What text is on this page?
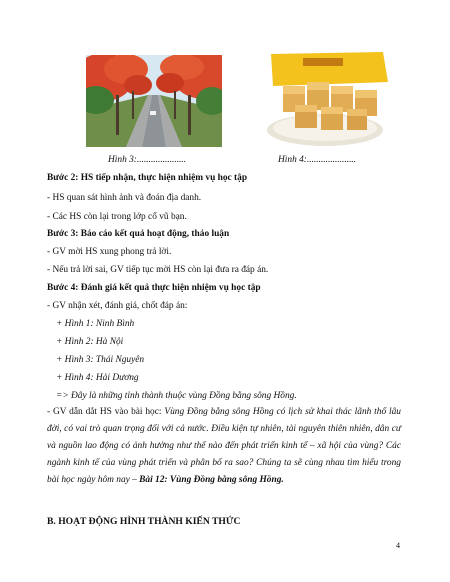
Hình 3:.....................	Hình 4:.....................
Bước 2: HS tiếp nhận, thực hiện nhiệm vụ học tập
- HS quan sát hình ảnh và đoán địa danh.
- Các HS còn lại trong lớp cổ vũ bạn.
Bước 3: Báo cáo kết quả hoạt động, thảo luận
- GV mời HS xung phong trả lời.
- Nếu trả lời sai, GV tiếp tục mời HS còn lại đưa ra đáp án.
Bước 4: Đánh giá kết quả thực hiện nhiệm vụ học tập
- GV nhận xét, đánh giá, chốt đáp án:
+ Hình 1: Ninh Bình
+ Hình 2: Hà Nội
+ Hình 3: Thái Nguyên
+ Hình 4: Hải Dương
=> Đây là những tỉnh thành thuộc vùng Đồng bằng sông Hồng.
- GV dẫn dắt HS vào bài học: Vùng Đồng bằng sông Hồng có lịch sử khai thác lãnh thổ lâu đời, có vai trò quan trọng đối với cả nước. Điều kiện tự nhiên, tài nguyên thiên nhiên, dân cư và nguồn lao động có ảnh hưởng như thế nào đến phát triển kinh tế – xã hội của vùng? Các ngành kinh tế của vùng phát triển và phân bố ra sao? Chúng ta sẽ cùng nhau tìm hiểu trong bài học ngày hôm nay – Bài 12: Vùng Đồng bằng sông Hồng.
B. HOẠT ĐỘNG HÌNH THÀNH KIẾN THỨC
4
